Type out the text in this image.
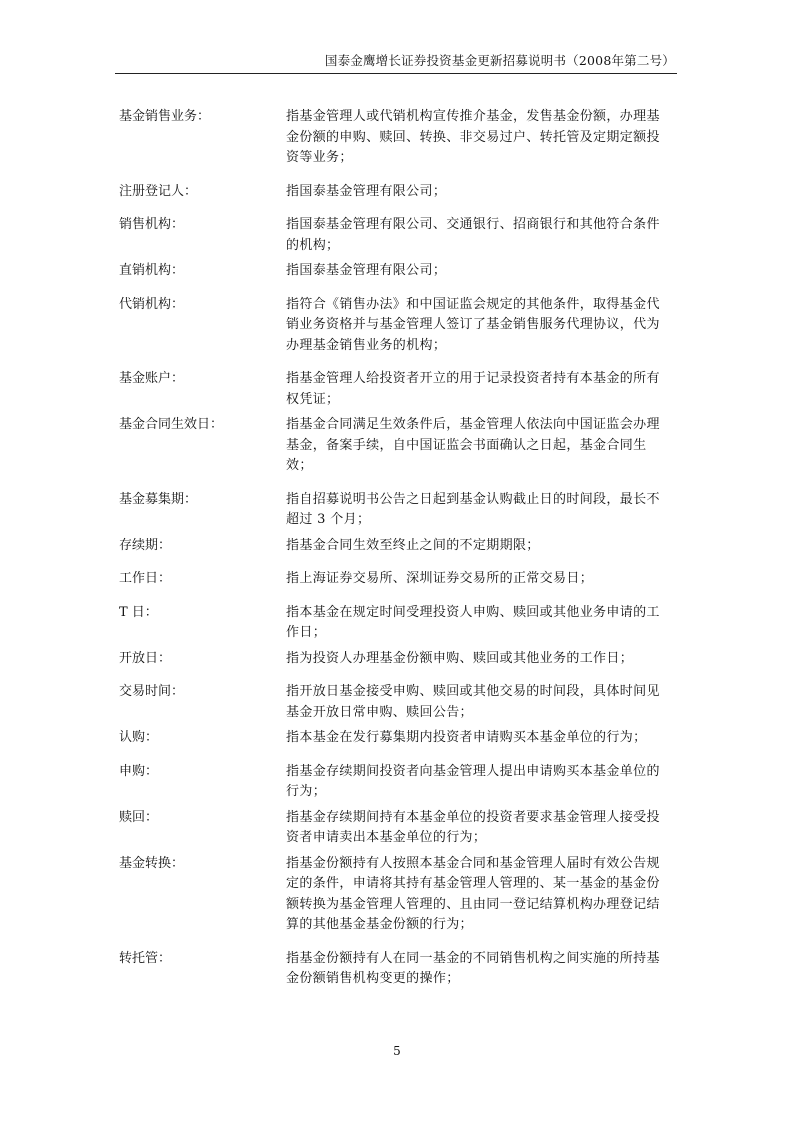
国泰金鹰增长证券投资基金更新招募说明书（2008年第二号）
基金销售业务：	指基金管理人或代销机构宣传推介基金，发售基金份额，办理基金份额的申购、赎回、转换、非交易过户、转托管及定期定额投资等业务；
注册登记人：	指国泰基金管理有限公司；
销售机构：	指国泰基金管理有限公司、交通银行、招商银行和其他符合条件的机构；
直销机构：	指国泰基金管理有限公司；
代销机构：	指符合《销售办法》和中国证监会规定的其他条件，取得基金代销业务资格并与基金管理人签订了基金销售服务代理协议，代为办理基金销售业务的机构；
基金账户：	指基金管理人给投资者开立的用于记录投资者持有本基金的所有权凭证；
基金合同生效日：	指基金合同满足生效条件后，基金管理人依法向中国证监会办理基金，备案手续，自中国证监会书面确认之日起，基金合同生效；
基金募集期：	指自招募说明书公告之日起到基金认购截止日的时间段，最长不超过 3 个月；
存续期：	指基金合同生效至终止之间的不定期期限；
工作日：	指上海证券交易所、深圳证券交易所的正常交易日；
T 日：	指本基金在规定时间受理投资人申购、赎回或其他业务申请的工作日；
开放日：	指为投资人办理基金份额申购、赎回或其他业务的工作日；
交易时间：	指开放日基金接受申购、赎回或其他交易的时间段，具体时间见基金开放日常申购、赎回公告；
认购：	指本基金在发行募集期内投资者申请购买本基金单位的行为；
申购：	指基金存续期间投资者向基金管理人提出申请购买本基金单位的行为；
赎回：	指基金存续期间持有本基金单位的投资者要求基金管理人接受投资者申请卖出本基金单位的行为；
基金转换：	指基金份额持有人按照本基金合同和基金管理人届时有效公告规定的条件，申请将其持有基金管理人管理的、某一基金的基金份额转换为基金管理人管理的、且由同一登记结算机构办理登记结算的其他基金基金份额的行为；
转托管：	指基金份额持有人在同一基金的不同销售机构之间实施的所持基金份额销售机构变更的操作；
5
